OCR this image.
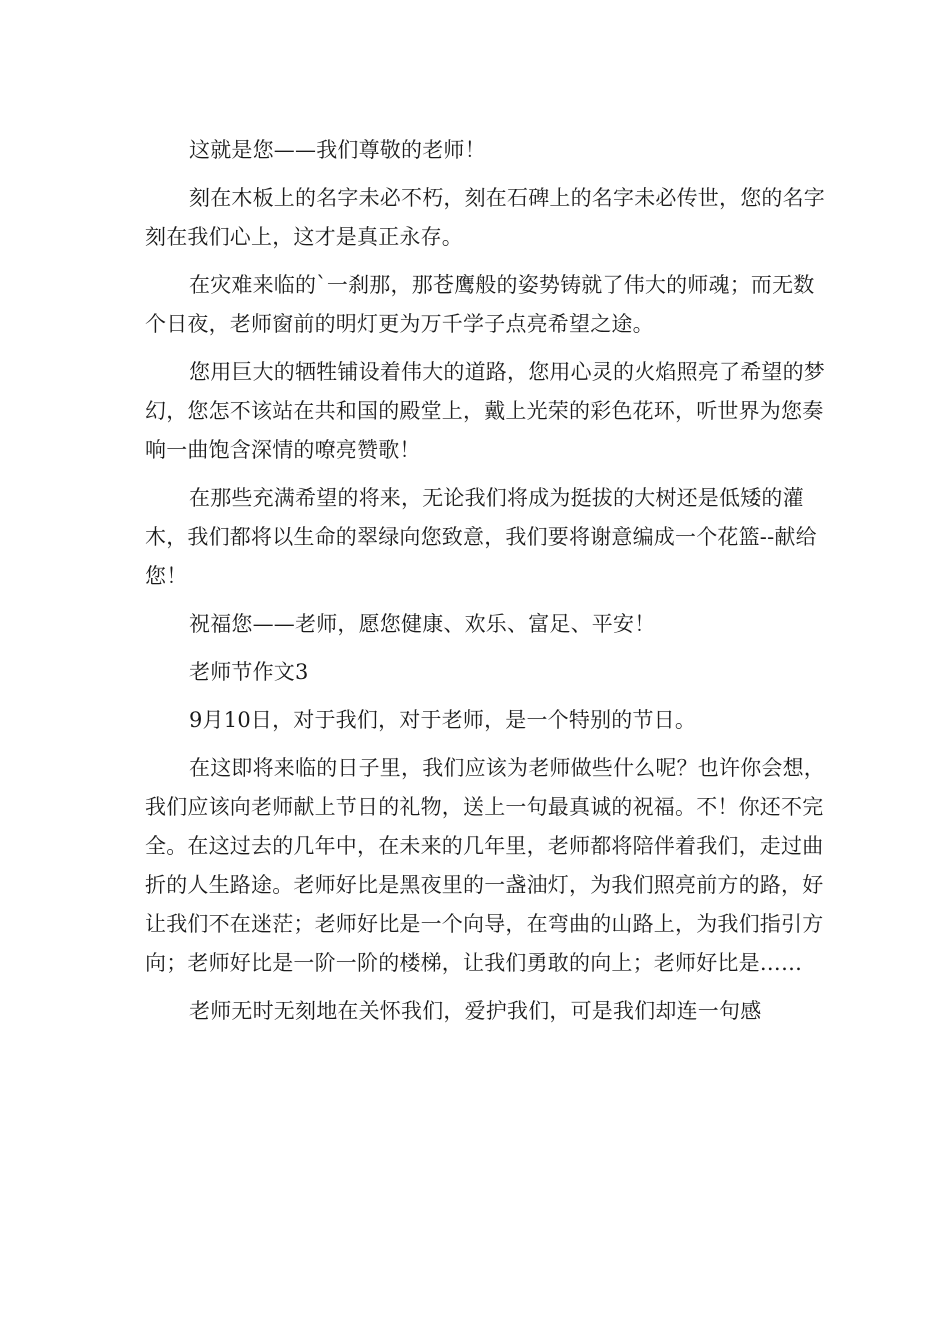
这就是您——我们尊敬的老师！

刻在木板上的名字未必不朽，刻在石碑上的名字未必传世，您的名字刻在我们心上，这才是真正永存。

在灾难来临的`一刹那，那苍鹰般的姿势铸就了伟大的师魂；而无数个日夜，老师窗前的明灯更为万千学子点亮希望之途。

您用巨大的牺牲铺设着伟大的道路，您用心灵的火焰照亮了希望的梦幻，您怎不该站在共和国的殿堂上，戴上光荣的彩色花环，听世界为您奏响一曲饱含深情的嘹亮赞歌！

在那些充满希望的将来，无论我们将成为挺拔的大树还是低矮的灌木，我们都将以生命的翠绿向您致意，我们要将谢意编成一个花篮--献给您！

祝福您——老师，愿您健康、欢乐、富足、平安！

老师节作文3

9月10日，对于我们，对于老师，是一个特别的节日。

在这即将来临的日子里，我们应该为老师做些什么呢？也许你会想，我们应该向老师献上节日的礼物，送上一句最真诚的祝福。不！你还不完全。在这过去的几年中，在未来的几年里，老师都将陪伴着我们，走过曲折的人生路途。老师好比是黑夜里的一盏油灯，为我们照亮前方的路，好让我们不在迷茫；老师好比是一个向导，在弯曲的山路上，为我们指引方向；老师好比是一阶一阶的楼梯，让我们勇敢的向上；老师好比是……

老师无时无刻地在关怀我们，爱护我们，可是我们却连一句感
